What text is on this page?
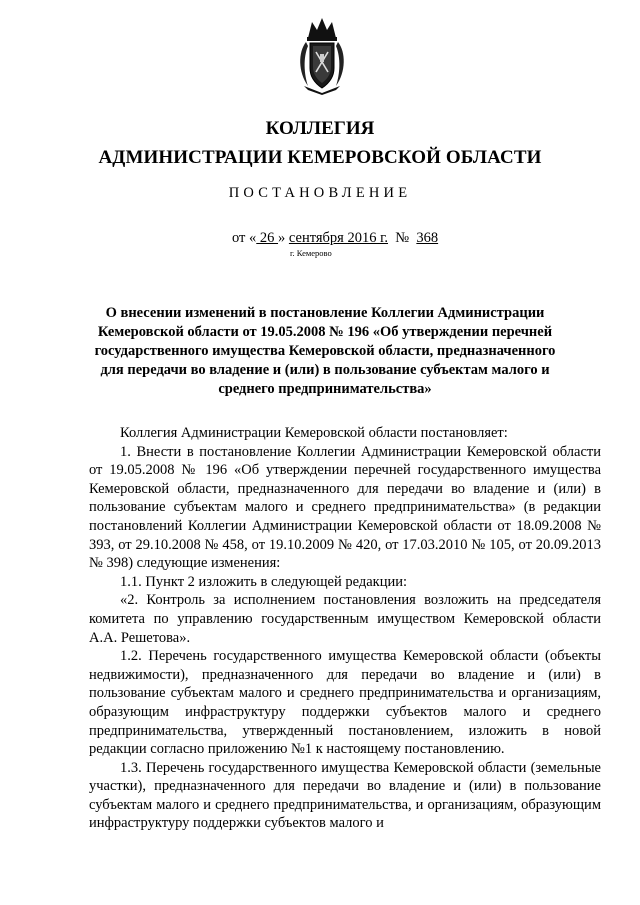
КОЛЛЕГИЯ
АДМИНИСТРАЦИИ КЕМЕРОВСКОЙ ОБЛАСТИ
ПОСТАНОВЛЕНИЕ
от « 26 » сентября 2016 г. № 368
г. Кемерово
О внесении изменений в постановление Коллегии Администрации Кемеровской области от 19.05.2008 № 196 «Об утверждении перечней государственного имущества Кемеровской области, предназначенного для передачи во владение и (или) в пользование субъектам малого и среднего предпринимательства»

Коллегия Администрации Кемеровской области постановляет:

1. Внести в постановление Коллегии Администрации Кемеровской области от 19.05.2008 № 196 «Об утверждении перечней государственного имущества Кемеровской области, предназначенного для передачи во владение и (или) в пользование субъектам малого и среднего предпринимательства» (в редакции постановлений Коллегии Администрации Кемеровской области от 18.09.2008 № 393, от 29.10.2008 № 458, от 19.10.2009 № 420, от 17.03.2010 № 105, от 20.09.2013 № 398) следующие изменения:

1.1. Пункт 2 изложить в следующей редакции:

«2. Контроль за исполнением постановления возложить на председателя комитета по управлению государственным имуществом Кемеровской области А.А. Решетова».

1.2. Перечень государственного имущества Кемеровской области (объекты недвижимости), предназначенного для передачи во владение и (или) в пользование субъектам малого и среднего предпринимательства и организациям, образующим инфраструктуру поддержки субъектов малого и среднего предпринимательства, утвержденный постановлением, изложить в новой редакции согласно приложению №1 к настоящему постановлению.

1.3. Перечень государственного имущества Кемеровской области (земельные участки), предназначенного для передачи во владение и (или) в пользование субъектам малого и среднего предпринимательства, и организациям, образующим инфраструктуру поддержки субъектов малого и
